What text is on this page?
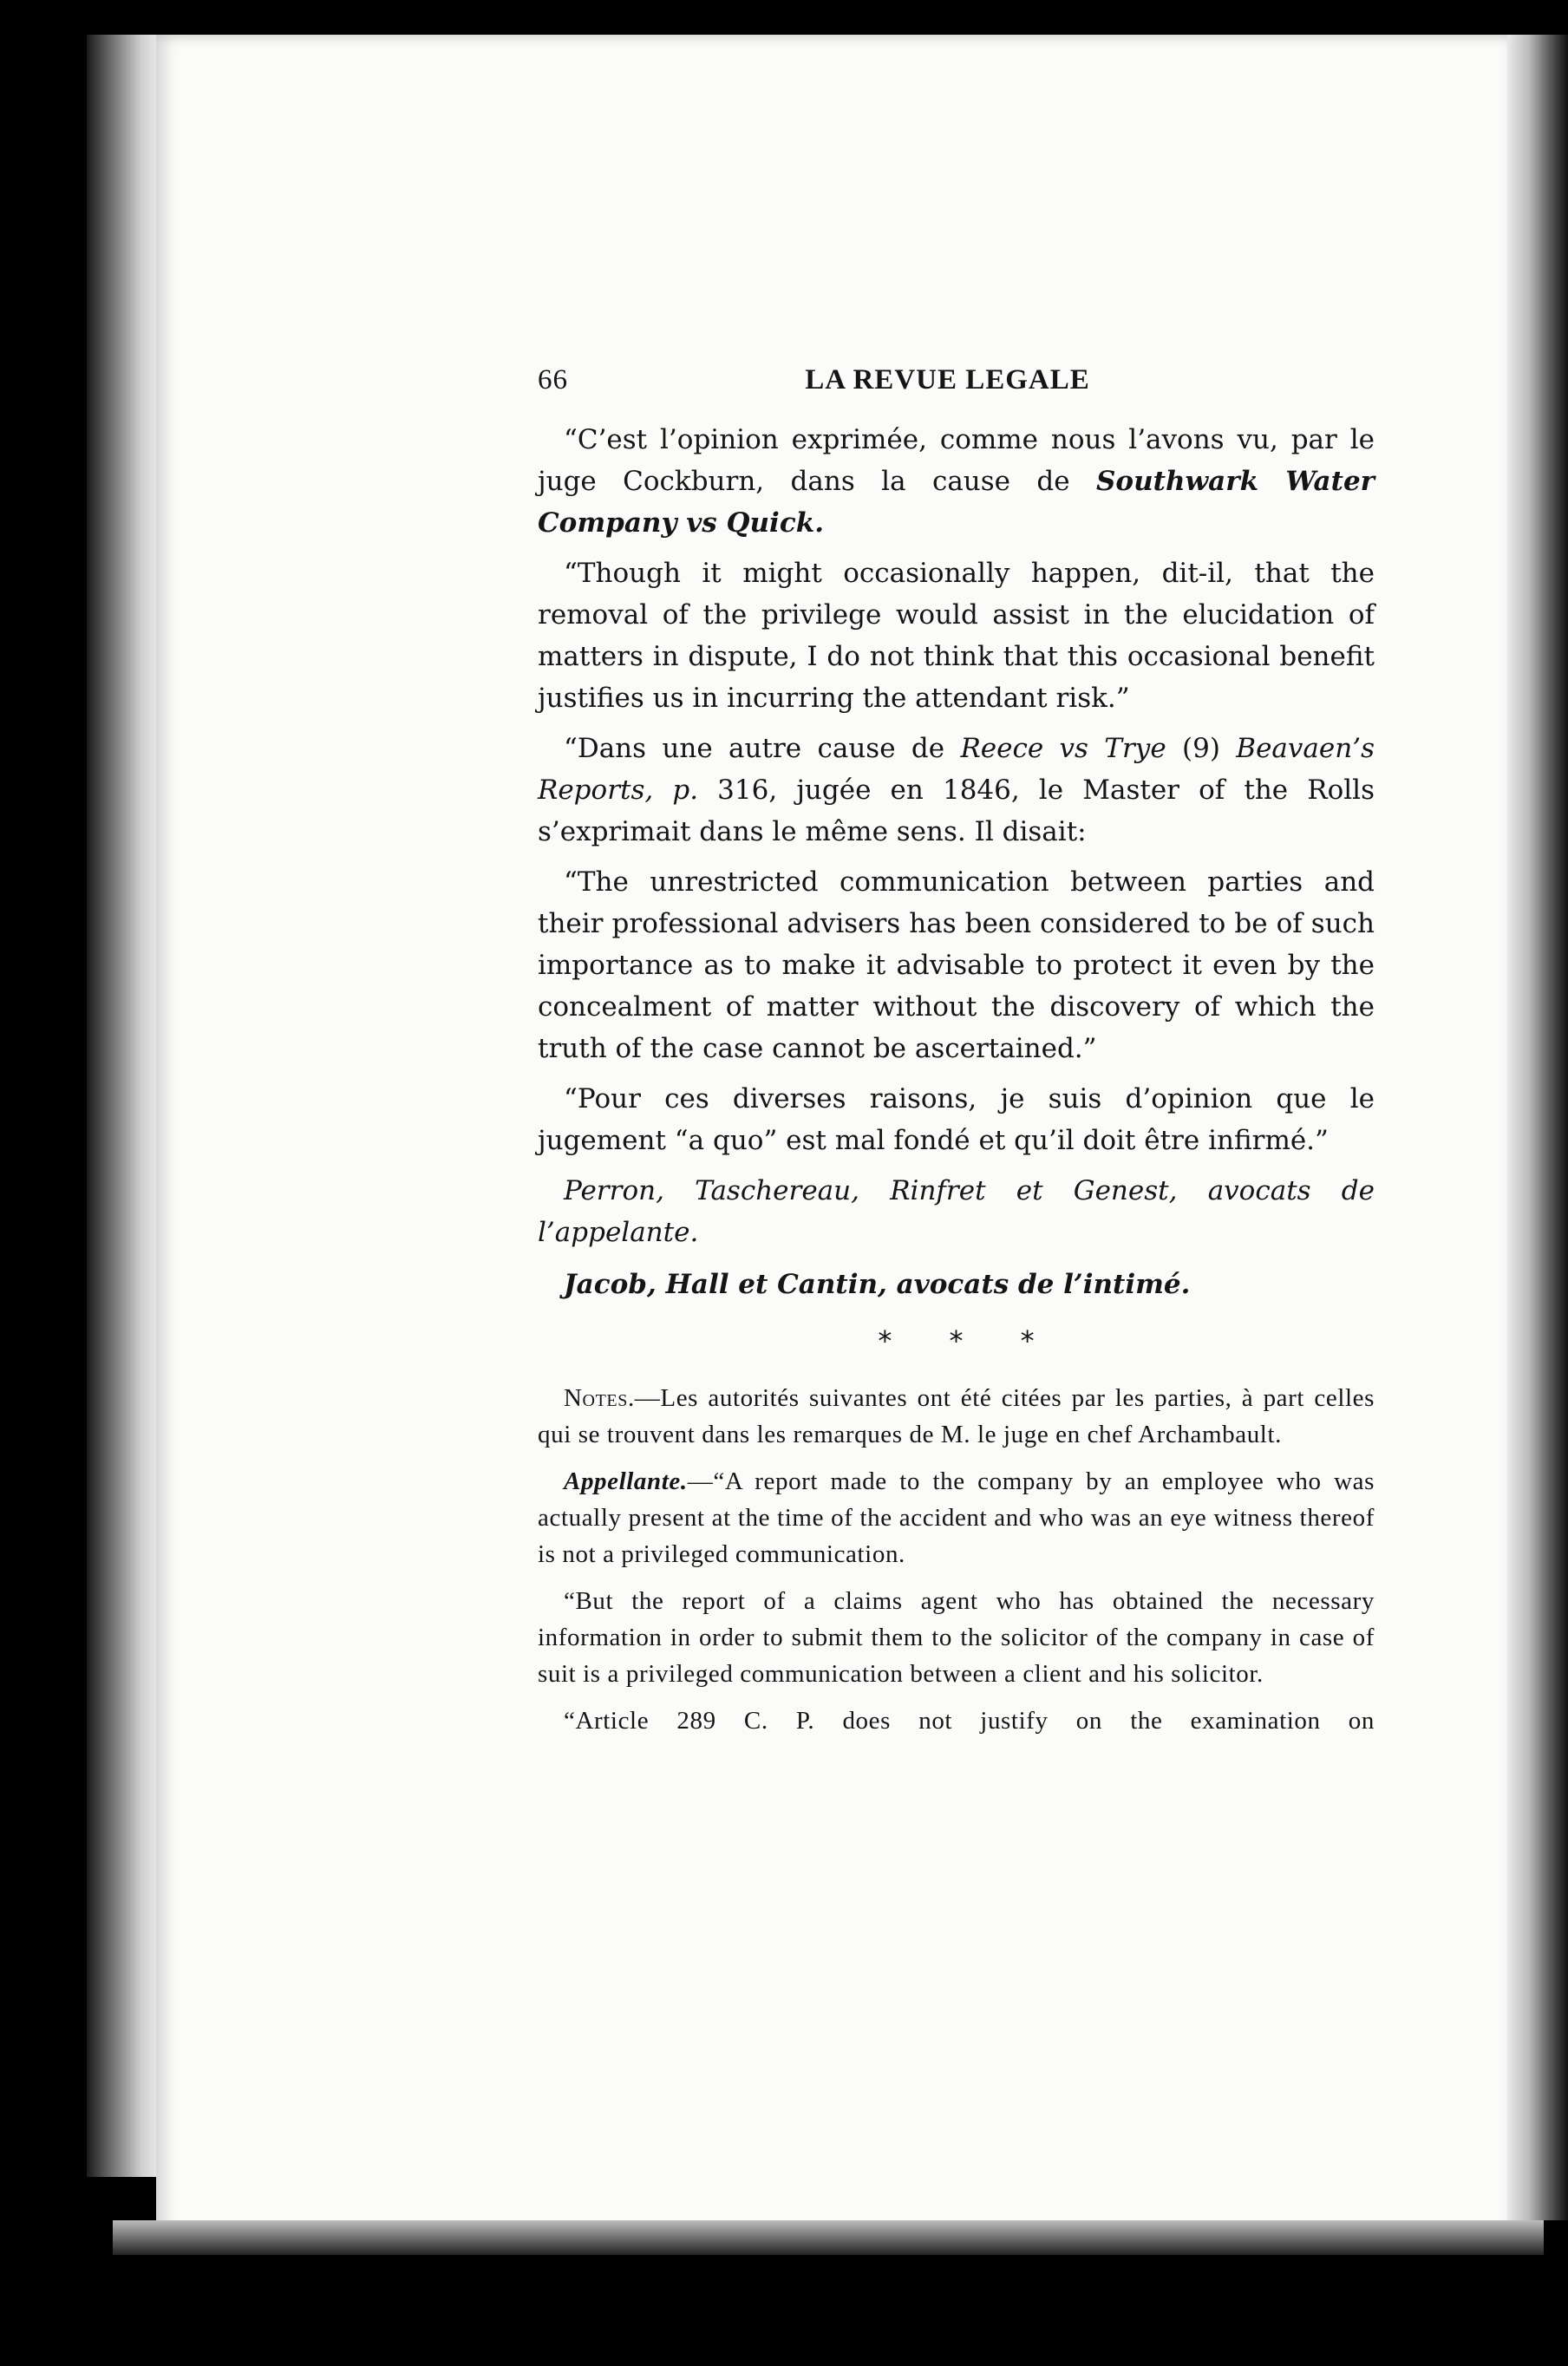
66	LA REVUE LEGALE

“C’est l’opinion exprimée, comme nous l’avons vu, par le juge Cockburn, dans la cause de Southwark Water Company vs Quick.

“Though it might occasionally happen, dit-il, that the removal of the privilege would assist in the elucidation of matters in dispute, I do not think that this occasional benefit justifies us in incurring the attendant risk.”

“Dans une autre cause de Reece vs Trye (9) Beavaen’s Reports, p. 316, jugée en 1846, le Master of the Rolls s’exprimait dans le même sens. Il disait:

“The unrestricted communication between parties and their professional advisers has been considered to be of such importance as to make it advisable to protect it even by the concealment of matter without the discovery of which the truth of the case cannot be ascertained.”

“Pour ces diverses raisons, je suis d’opinion que le jugement “a quo” est mal fondé et qu’il doit être infirmé.”

Perron, Taschereau, Rinfret et Genest, avocats de l’appelante.

Jacob, Hall et Cantin, avocats de l’intimé.

* * *

Notes.—Les autorités suivantes ont été citées par les parties, à part celles qui se trouvent dans les remarques de M. le juge en chef Archambault.

Appellante.—“A report made to the company by an employee who was actually present at the time of the accident and who was an eye witness thereof is not a privileged communication.

“But the report of a claims agent who has obtained the necessary information in order to submit them to the solicitor of the company in case of suit is a privileged communication between a client and his solicitor.

“Article 289 C. P. does not justify on the examination on
